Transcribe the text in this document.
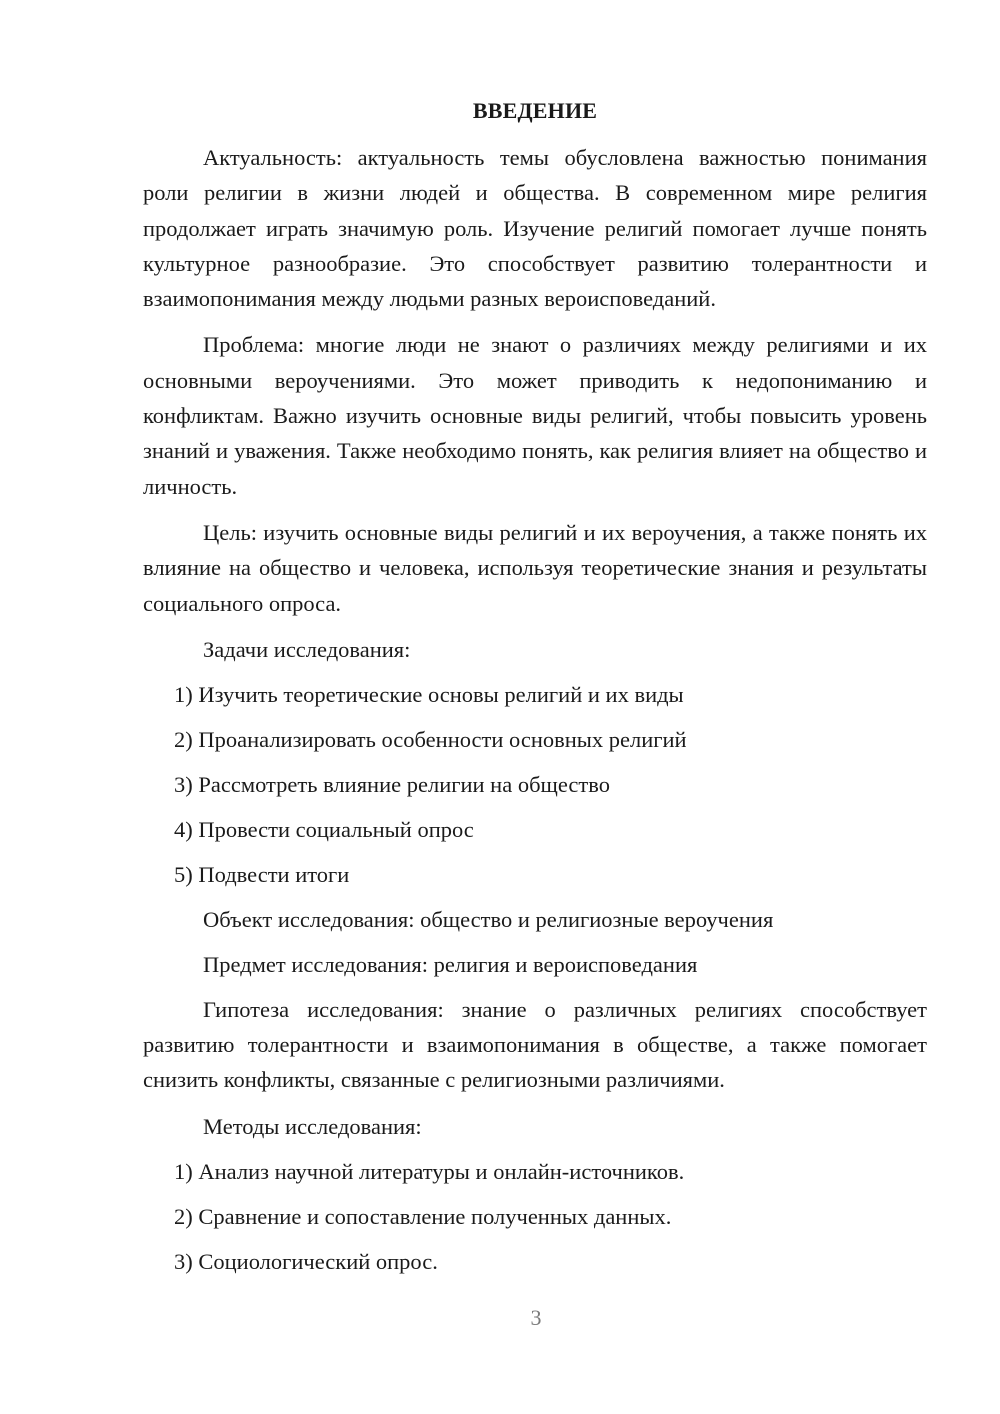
ВВЕДЕНИЕ

Актуальность: актуальность темы обусловлена важностью понимания роли религии в жизни людей и общества. В современном мире религия продолжает играть значимую роль. Изучение религий помогает лучше понять культурное разнообразие. Это способствует развитию толерантности и взаимопонимания между людьми разных вероисповеданий.

Проблема: многие люди не знают о различиях между религиями и их основными вероучениями. Это может приводить к недопониманию и конфликтам. Важно изучить основные виды религий, чтобы повысить уровень знаний и уважения. Также необходимо понять, как религия влияет на общество и личность.

Цель: изучить основные виды религий и их вероучения, а также понять их влияние на общество и человека, используя теоретические знания и результаты социального опроса.

Задачи исследования:
1) Изучить теоретические основы религий и их виды
2) Проанализировать особенности основных религий
3) Рассмотреть влияние религии на общество
4) Провести социальный опрос
5) Подвести итоги
Объект исследования: общество и религиозные вероучения
Предмет исследования: религия и вероисповедания

Гипотеза исследования: знание о различных религиях способствует развитию толерантности и взаимопонимания в обществе, а также помогает снизить конфликты, связанные с религиозными различиями.

Методы исследования:
1) Анализ научной литературы и онлайн-источников.
2) Сравнение и сопоставление полученных данных.
3) Социологический опрос.
3
